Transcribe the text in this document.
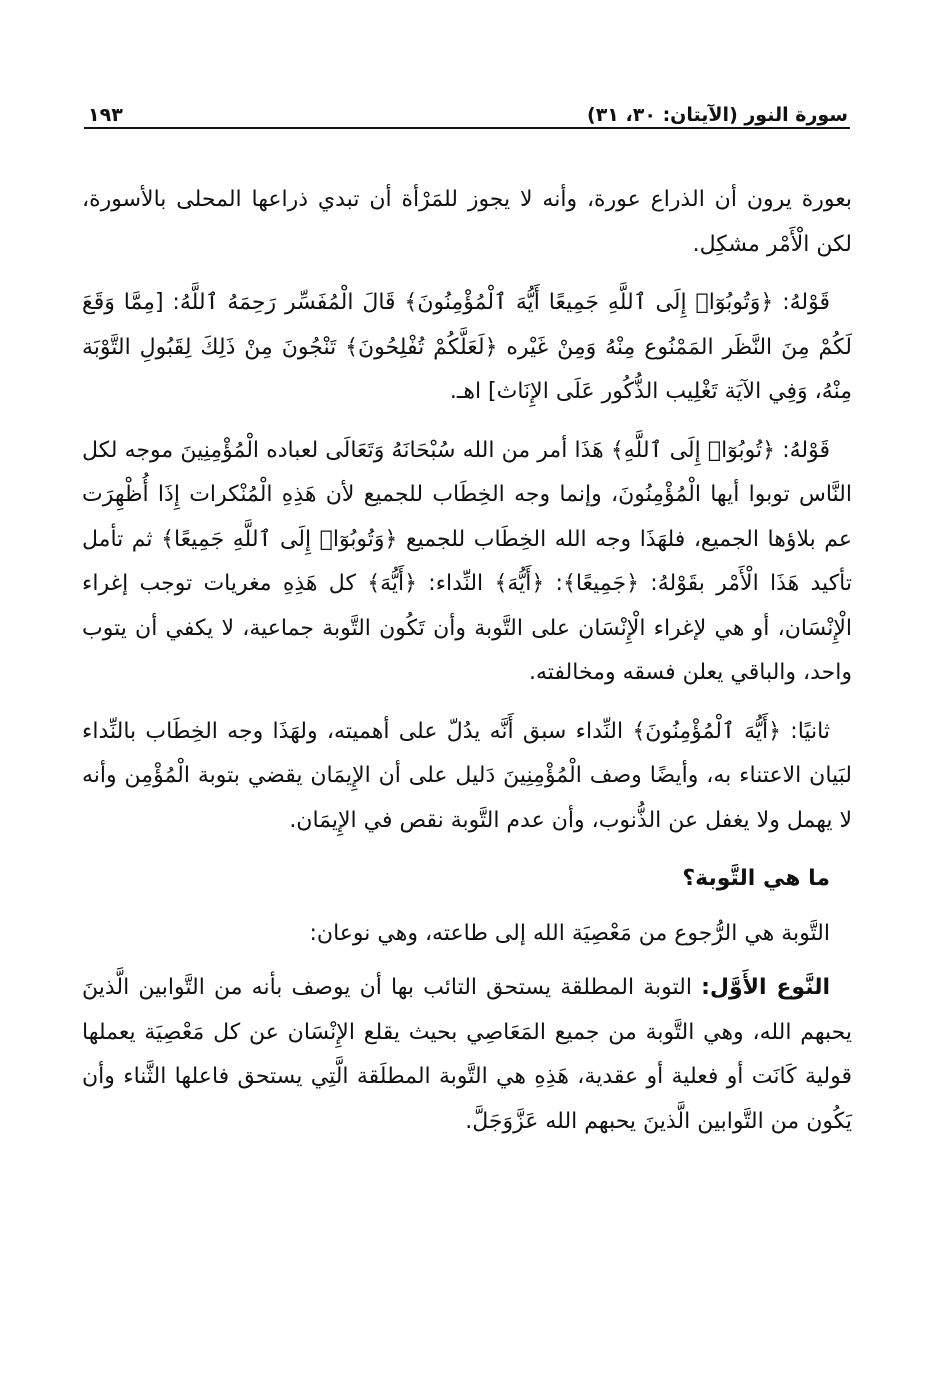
سورة النور (الآيتان: ٣٠، ٣١)
١٩٣

بعورة يرون أن الذراع عورة، وأنه لا يجوز للمَرْأة أن تبدي ذراعها المحلى بالأسورة، لكن الْأَمْر مشكِل.

قَوْلهُ: ﴿وَتُوبُوٓا۟ إِلَى ٱللَّهِ جَمِيعًا أَيُّهَ ٱلْمُؤْمِنُونَ﴾ قَالَ الْمُفَسِّر رَحِمَهُ ٱللَّهُ: [مِمَّا وَقَعَ لَكُمْ مِنَ النَّظَر المَمْنُوع مِنْهُ وَمِنْ غَيْره ﴿لَعَلَّكُمْ تُفْلِحُونَ﴾ تَنْجُونَ مِنْ ذَلِكَ لِقَبُولِ التَّوْبَة مِنْهُ، وَفِي الآيَة تَغْلِيب الذُّكُور عَلَى الإِنَاث] اهـ.

قَوْلهُ: ﴿تُوبُوٓا۟ إِلَى ٱللَّهِ﴾ هَذَا أمر من الله سُبْحَانَهُ وَتَعَالَى لعباده الْمُؤْمِنِينَ موجه لكل النَّاس توبوا أيها الْمُؤْمِنُونَ، وإنما وجه الخِطَاب للجميع لأن هَذِهِ الْمُنْكرات إِذَا أُظْهِرَت عم بلاؤها الجميع، فلهَذَا وجه الله الخِطَاب للجميع ﴿وَتُوبُوٓا۟ إِلَى ٱللَّهِ جَمِيعًا﴾ ثم تأمل تأكيد هَذَا الْأَمْر بقَوْلهُ: ﴿جَمِيعًا﴾: ﴿أَيُّهَ﴾ النِّداء: ﴿أَيُّهَ﴾ كل هَذِهِ مغريات توجب إغراء الْإِنْسَان، أو هي لإغراء الْإِنْسَان على التَّوبة وأن تَكُون التَّوبة جماعية، لا يكفي أن يتوب واحد، والباقي يعلن فسقه ومخالفته.

ثانيًا: ﴿أَيُّهَ ٱلْمُؤْمِنُونَ﴾ النِّداء سبق أَنَّه يدُلّ على أهميته، ولهَذَا وجه الخِطَاب بالنِّداء لبَيان الاعتناء به، وأيضًا وصف الْمُؤْمِنِينَ دَليل على أن الإِيمَان يقضي بتوبة الْمُؤْمِن وأنه لا يهمل ولا يغفل عن الذُّنوب، وأن عدم التَّوبة نقص في الإِيمَان.

ما هي التَّوبة؟

التَّوبة هي الرُّجوع من مَعْصِيَة الله إلى طاعته، وهي نوعان:

النَّوع الأَوَّل: التوبة المطلقة يستحق التائب بها أن يوصف بأنه من التَّوابين الَّذينَ يحبهم الله، وهي التَّوبة من جميع المَعَاصِي بحيث يقلع الإِنْسَان عن كل مَعْصِيَة يعملها قولية كَانَت أو فعلية أو عقدية، هَذِهِ هي التَّوبة المطلَقة الَّتِي يستحق فاعلها الثَّناء وأن يَكُون من التَّوابين الَّذينَ يحبهم الله عَزَّوَجَلَّ.
